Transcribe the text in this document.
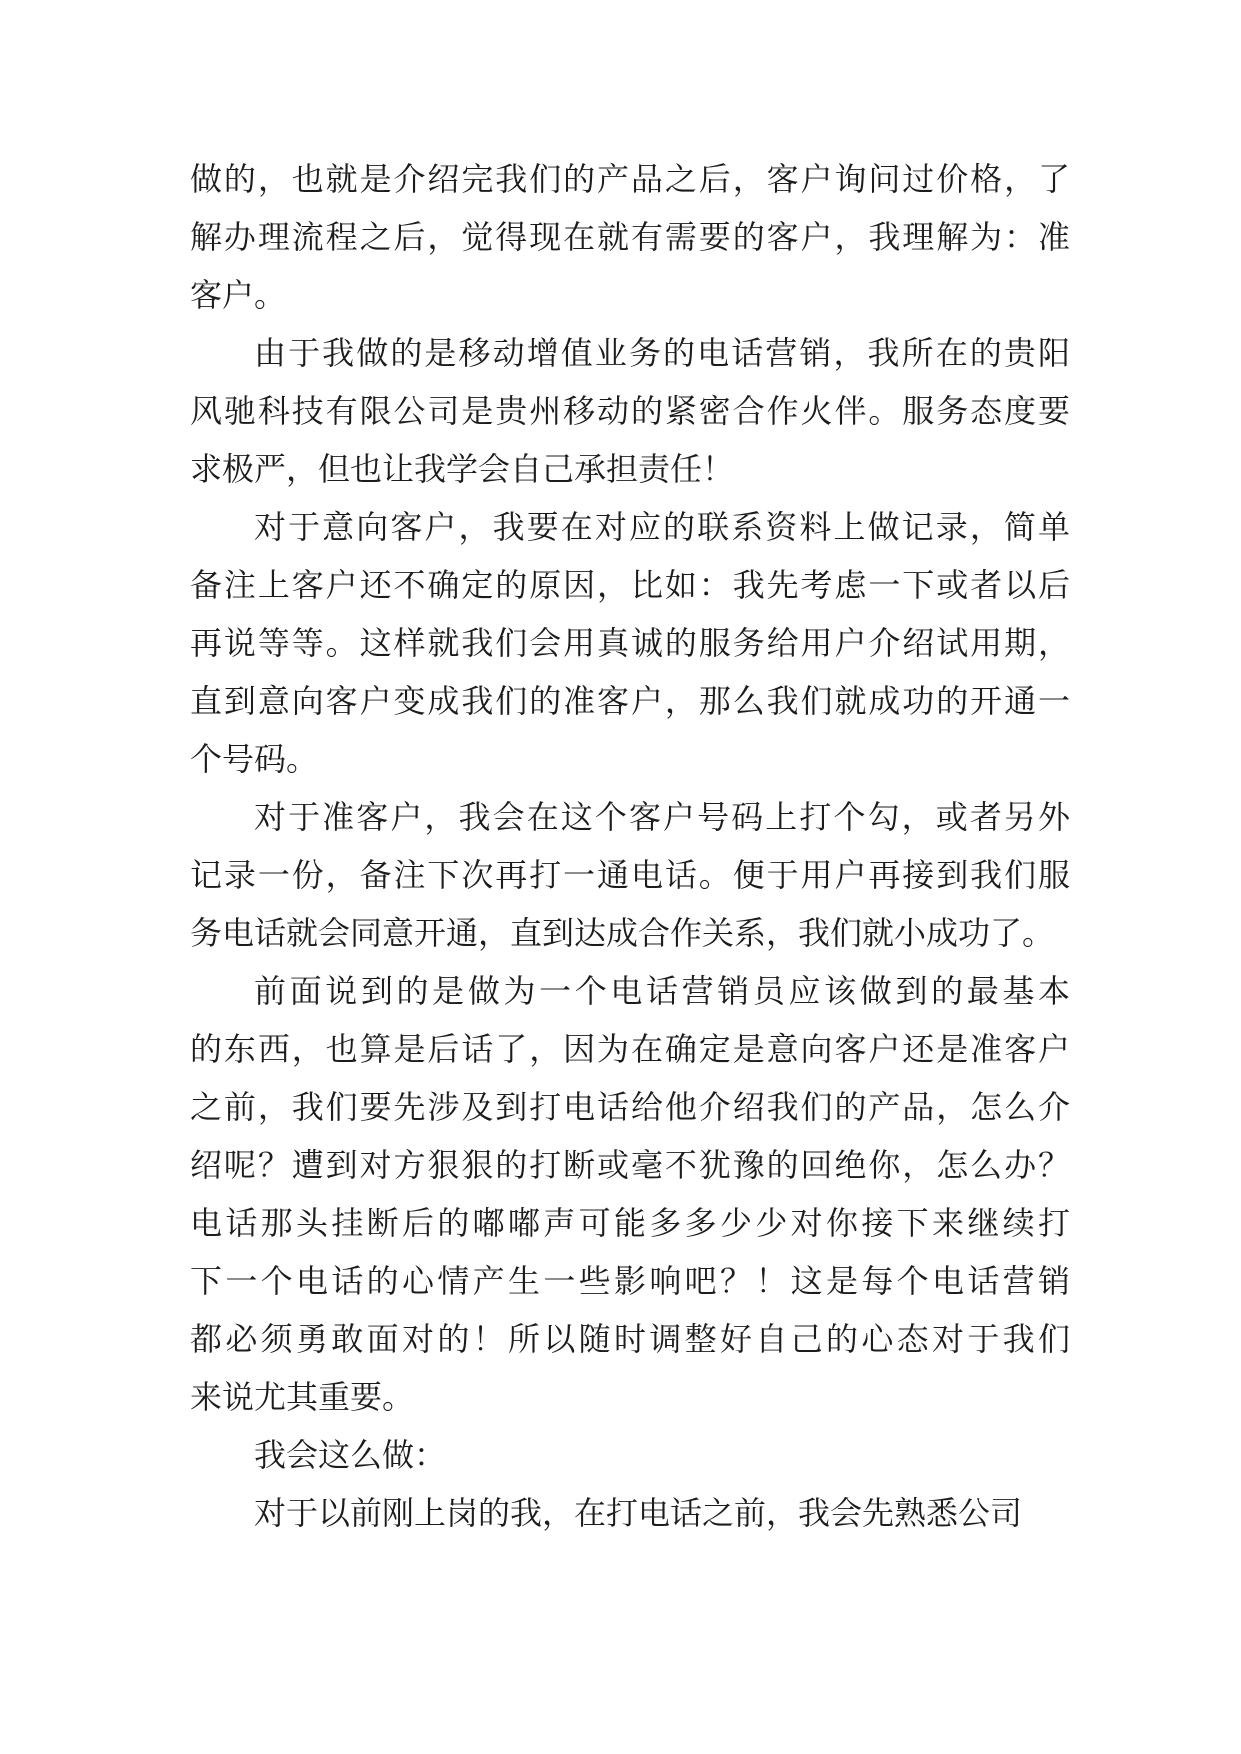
做的，也就是介绍完我们的产品之后，客户询问过价格，了
解办理流程之后，觉得现在就有需要的客户，我理解为：准
客户。
由于我做的是移动增值业务的电话营销，我所在的贵阳
风驰科技有限公司是贵州移动的紧密合作火伴。服务态度要
求极严，但也让我学会自己承担责任！
对于意向客户，我要在对应的联系资料上做记录，简单
备注上客户还不确定的原因，比如：我先考虑一下或者以后
再说等等。这样就我们会用真诚的服务给用户介绍试用期，
直到意向客户变成我们的准客户，那么我们就成功的开通一
个号码。
对于准客户，我会在这个客户号码上打个勾，或者另外
记录一份，备注下次再打一通电话。便于用户再接到我们服
务电话就会同意开通，直到达成合作关系，我们就小成功了。
前面说到的是做为一个电话营销员应该做到的最基本
的东西，也算是后话了，因为在确定是意向客户还是准客户
之前，我们要先涉及到打电话给他介绍我们的产品，怎么介
绍呢？遭到对方狠狠的打断或毫不犹豫的回绝你，怎么办？
电话那头挂断后的嘟嘟声可能多多少少对你接下来继续打
下一个电话的心情产生一些影响吧？！这是每个电话营销
都必须勇敢面对的！所以随时调整好自己的心态对于我们
来说尤其重要。
我会这么做：
对于以前刚上岗的我，在打电话之前，我会先熟悉公司
